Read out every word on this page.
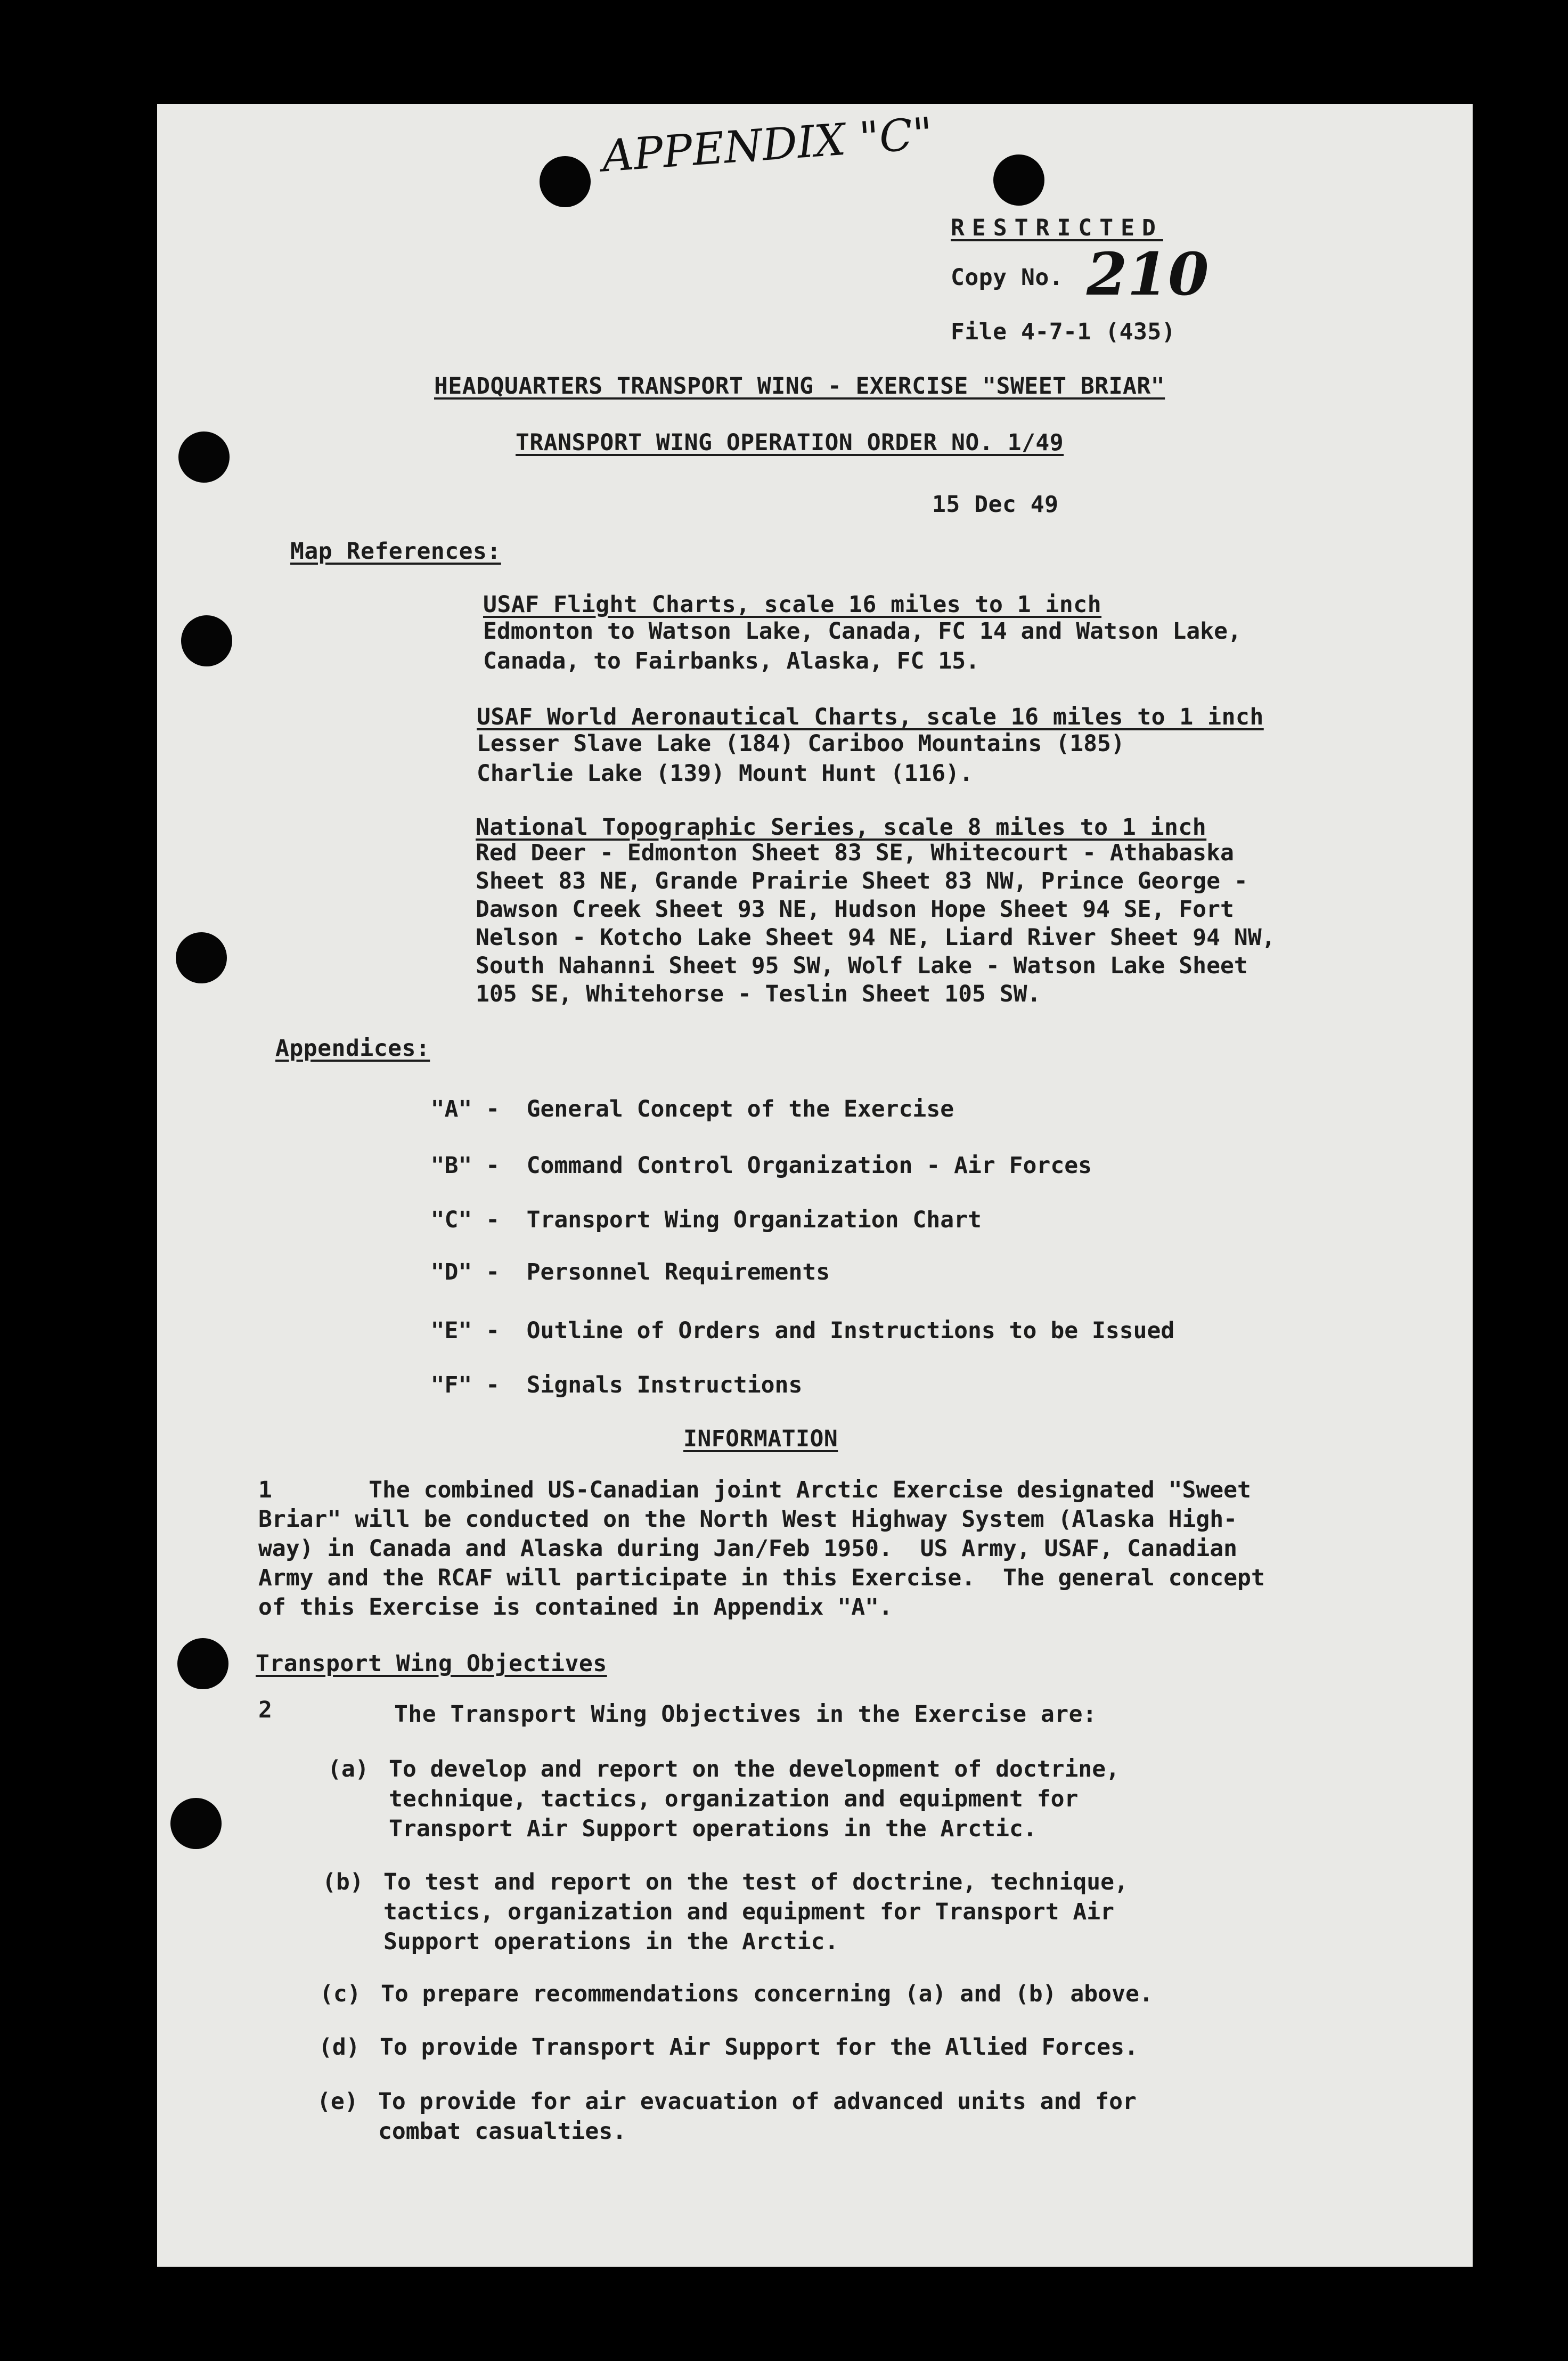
APPENDIX "C"
RESTRICTED
Copy No. 210
File 4-7-1 (435)
HEADQUARTERS TRANSPORT WING - EXERCISE "SWEET BRIAR"
TRANSPORT WING OPERATION ORDER NO. 1/49
15 Dec 49
Map References:
USAF Flight Charts, scale 16 miles to 1 inch
Edmonton to Watson Lake, Canada, FC 14 and Watson Lake,
Canada, to Fairbanks, Alaska, FC 15.
USAF World Aeronautical Charts, scale 16 miles to 1 inch
Lesser Slave Lake (184) Cariboo Mountains (185)
Charlie Lake (139) Mount Hunt (116).
National Topographic Series, scale 8 miles to 1 inch
Red Deer - Edmonton Sheet 83 SE, Whitecourt - Athabaska
Sheet 83 NE, Grande Prairie Sheet 83 NW, Prince George -
Dawson Creek Sheet 93 NE, Hudson Hope Sheet 94 SE, Fort
Nelson - Kotcho Lake Sheet 94 NE, Liard River Sheet 94 NW,
South Nahanni Sheet 95 SW, Wolf Lake - Watson Lake Sheet
105 SE, Whitehorse - Teslin Sheet 105 SW.
Appendices:

"A" - General Concept of the Exercise

"B" - Command Control Organization - Air Forces

"C" - Transport Wing Organization Chart

"D" - Personnel Requirements

"E" - Outline of Orders and Instructions to be Issued

"F" - Signals Instructions

INFORMATION
1       The combined US-Canadian joint Arctic Exercise designated "Sweet
Briar" will be conducted on the North West Highway System (Alaska High-
way) in Canada and Alaska during Jan/Feb 1950.  US Army, USAF, Canadian
Army and the RCAF will participate in this Exercise.  The general concept
of this Exercise is contained in Appendix "A".
Transport Wing Objectives
2	The Transport Wing Objectives in the Exercise are:

(a)

To develop and report on the development of doctrine,
technique, tactics, organization and equipment for
Transport Air Support operations in the Arctic.

(b)

To test and report on the test of doctrine, technique,
tactics, organization and equipment for Transport Air
Support operations in the Arctic.

(c)

To prepare recommendations concerning (a) and (b) above.

(d)

To provide Transport Air Support for the Allied Forces.

(e)

To provide for air evacuation of advanced units and for
combat casualties.
